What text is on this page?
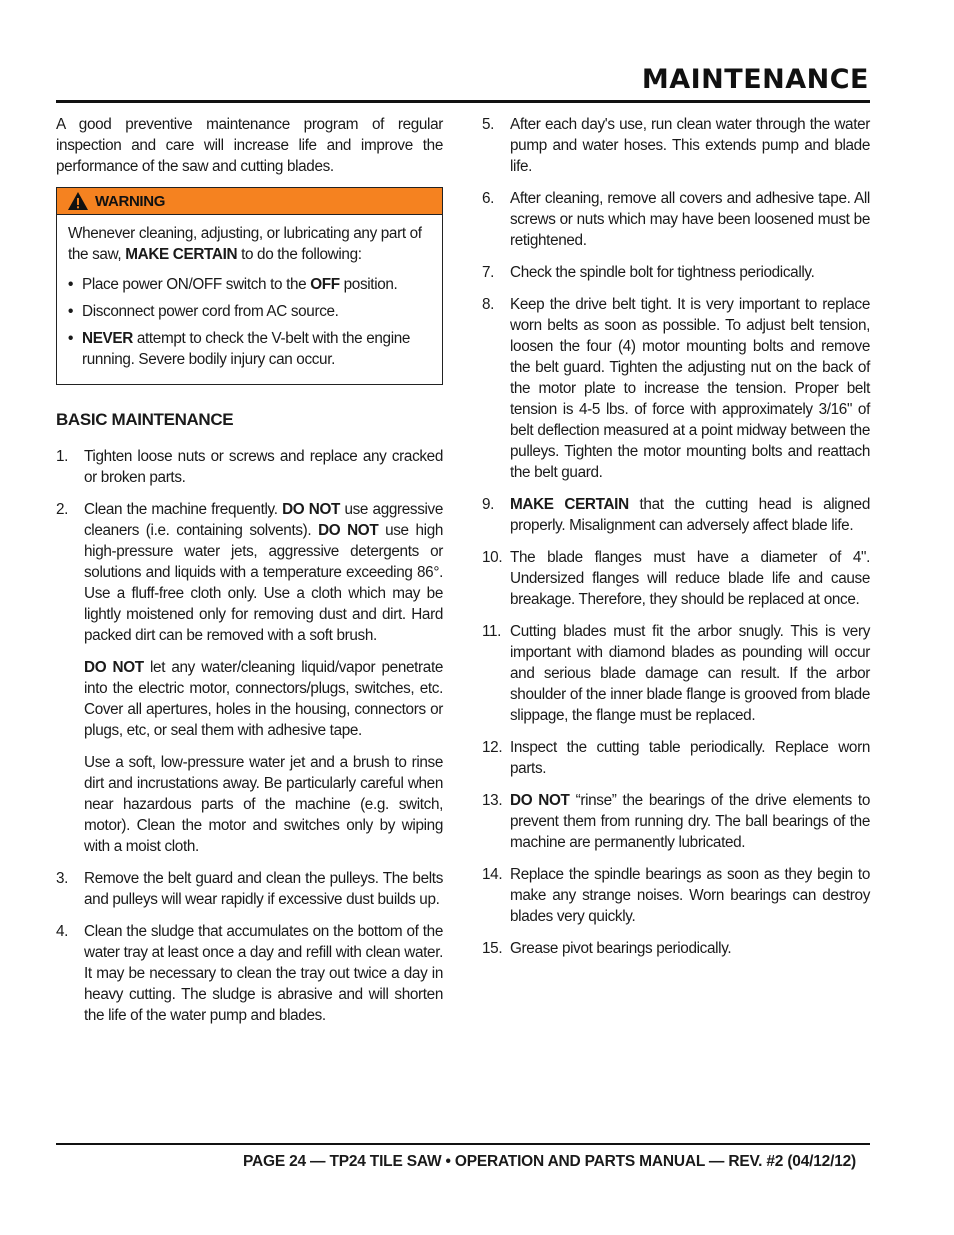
MAINTENANCE

A good preventive maintenance program of regular inspection and care will increase life and improve the performance of the saw and cutting blades.

WARNING

Whenever cleaning, adjusting, or lubricating any part of the saw, MAKE CERTAIN to do the following:

• Place power ON/OFF switch to the OFF position.
• Disconnect power cord from AC source.
• NEVER attempt to check the V-belt with the engine running. Severe bodily injury can occur.
BASIC MAINTENANCE
1.	Tighten loose nuts or screws and replace any cracked or broken parts.

2.	Clean the machine frequently. DO NOT use aggressive cleaners (i.e. containing solvents). DO NOT use high high-pressure water jets, aggressive detergents or solutions and liquids with a temperature exceeding 86°. Use a fluff-free cloth only. Use a cloth which may be lightly moistened only for removing dust and dirt. Hard packed dirt can be removed with a soft brush.

DO NOT let any water/cleaning liquid/vapor penetrate into the electric motor, connectors/plugs, switches, etc. Cover all apertures, holes in the housing, connectors or plugs, etc, or seal them with adhesive tape.

Use a soft, low-pressure water jet and a brush to rinse dirt and incrustations away. Be particularly careful when near hazardous parts of the machine (e.g. switch, motor). Clean the motor and switches only by wiping with a moist cloth.

3.	Remove the belt guard and clean the pulleys. The belts and pulleys will wear rapidly if excessive dust builds up.

4.	Clean the sludge that accumulates on the bottom of the water tray at least once a day and refill with clean water. It may be necessary to clean the tray out twice a day in heavy cutting. The sludge is abrasive and will shorten the life of the water pump and blades.

5.	After each day's use, run clean water through the water pump and water hoses. This extends pump and blade life.

6.	After cleaning, remove all covers and adhesive tape. All screws or nuts which may have been loosened must be retightened.

7.	Check the spindle bolt for tightness periodically.

8.	Keep the drive belt tight. It is very important to replace worn belts as soon as possible. To adjust belt tension, loosen the four (4) motor mounting bolts and remove the belt guard. Tighten the adjusting nut on the back of the motor plate to increase the tension. Proper belt tension is 4-5 lbs. of force with approximately 3/16" of belt deflection measured at a point midway between the pulleys. Tighten the motor mounting bolts and reattach the belt guard.

9.	MAKE CERTAIN that the cutting head is aligned properly. Misalignment can adversely affect blade life.

10. The blade flanges must have a diameter of 4". Undersized flanges will reduce blade life and cause breakage. Therefore, they should be replaced at once.

11. Cutting blades must fit the arbor snugly. This is very important with diamond blades as pounding will occur and serious blade damage can result. If the arbor shoulder of the inner blade flange is grooved from blade slippage, the flange must be replaced.

12. Inspect the cutting table periodically. Replace worn parts.

13. DO NOT “rinse” the bearings of the drive elements to prevent them from running dry. The ball bearings of the machine are permanently lubricated.

14. Replace the spindle bearings as soon as they begin to make any strange noises. Worn bearings can destroy blades very quickly.

15. Grease pivot bearings periodically.

PAGE 24 — TP24 TILE SAW • OPERATION AND PARTS MANUAL — REV. #2 (04/12/12)
